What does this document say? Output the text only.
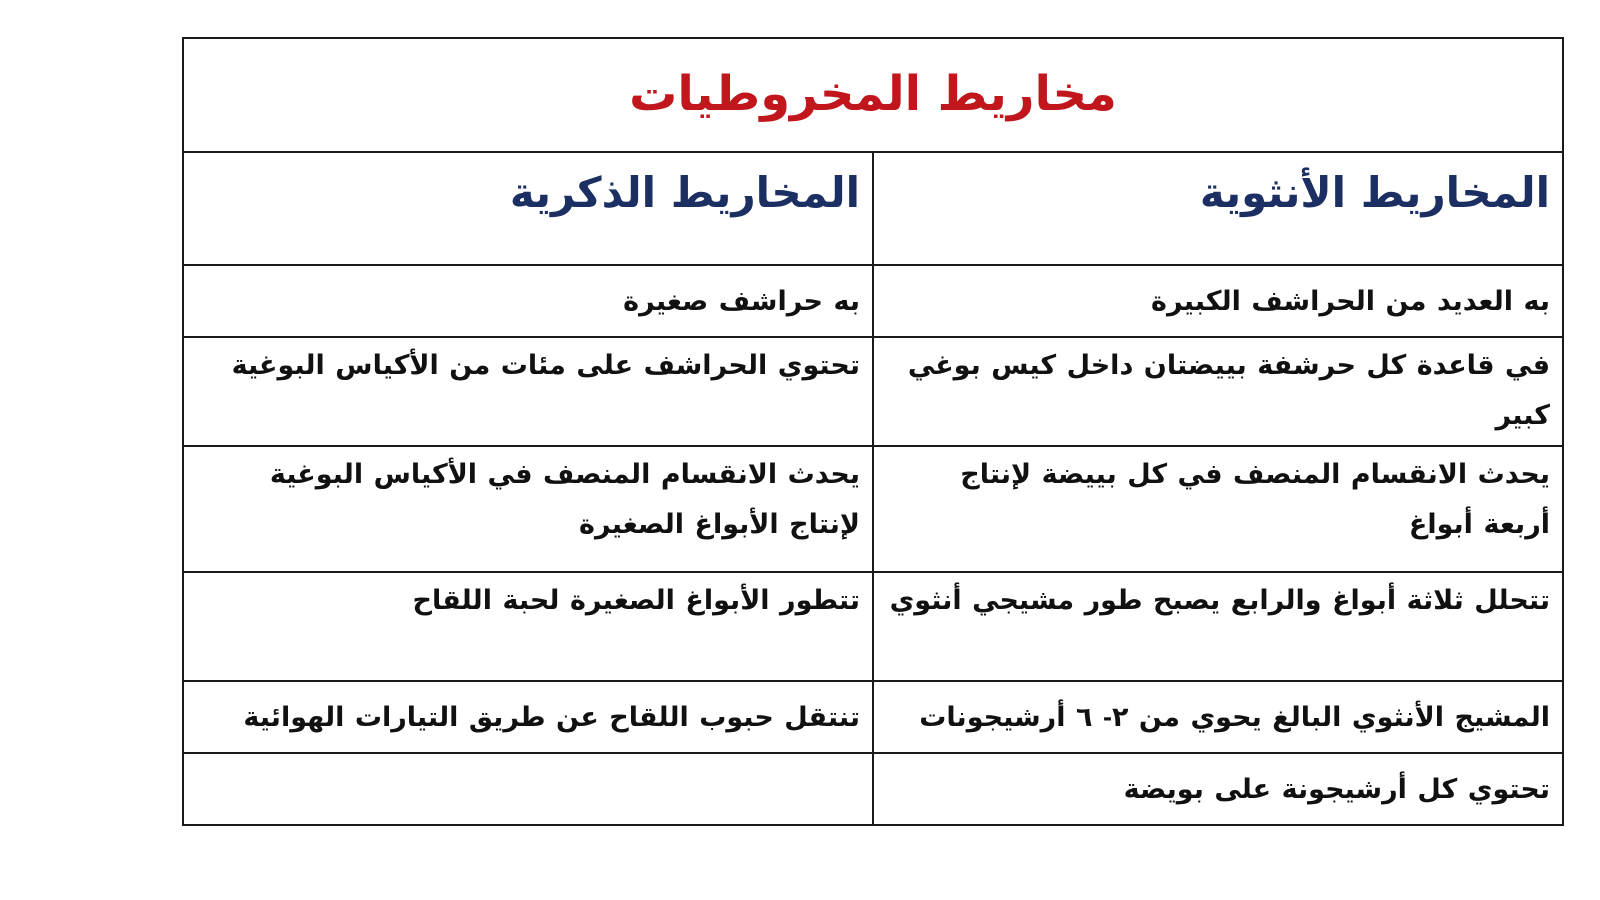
مخاريط المخروطيات	
المخاريط الأنثوية	المخاريط الذكرية
به العديد من الحراشف الكبيرة	به حراشف صغيرة
في قاعدة كل حرشفة بييضتان داخل كيس بوغي كبير	تحتوي الحراشف على مئات من الأكياس البوغية
يحدث الانقسام المنصف في كل بييضة لإنتاج أربعة أبواغ	يحدث الانقسام المنصف في الأكياس البوغية لإنتاج الأبواغ الصغيرة
تتحلل ثلاثة أبواغ والرابع يصبح طور مشيجي أنثوي	تتطور الأبواغ الصغيرة لحبة اللقاح
المشيج الأنثوي البالغ يحوي من ٢- ٦ أرشيجونات	تنتقل حبوب اللقاح عن طريق التيارات الهوائية
تحتوي كل أرشيجونة على بويضة	
